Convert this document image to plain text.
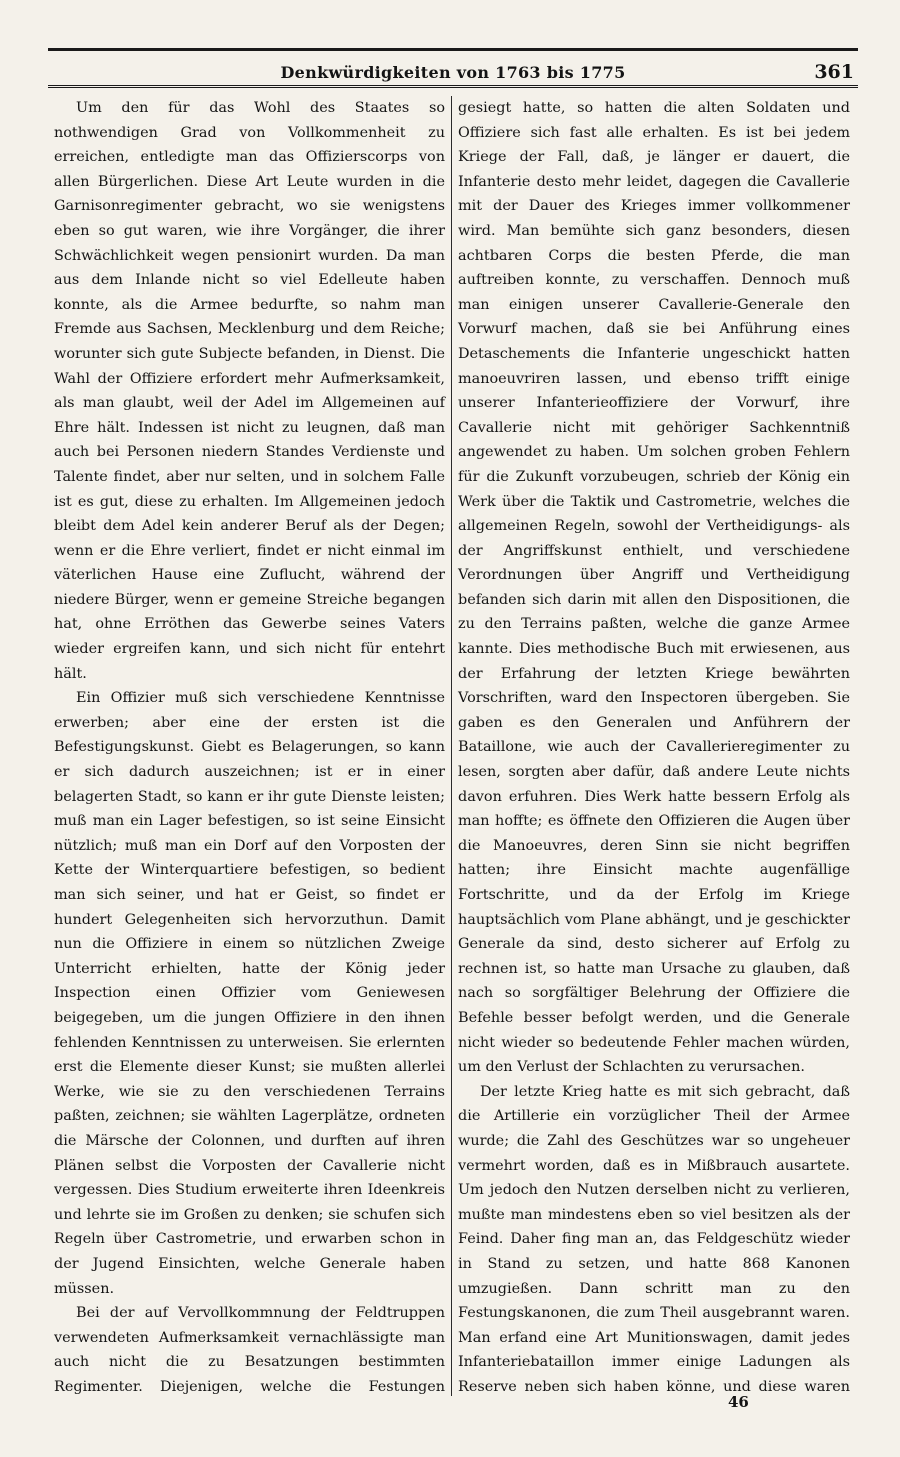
Denkwürdigkeiten von 1763 bis 1775	361

Um den für das Wohl des Staates so nothwendigen Grad von Vollkommenheit zu erreichen, entledigte man das Offizierscorps von allen Bürgerlichen. Diese Art Leute wurden in die Garnisonregimenter gebracht, wo sie wenigstens eben so gut waren, wie ihre Vorgänger, die ihrer Schwächlichkeit wegen pensionirt wurden. Da man aus dem Inlande nicht so viel Edelleute haben konnte, als die Armee bedurfte, so nahm man Fremde aus Sachsen, Mecklenburg und dem Reiche; worunter sich gute Subjecte befanden, in Dienst. Die Wahl der Offiziere erfordert mehr Aufmerksamkeit, als man glaubt, weil der Adel im Allgemeinen auf Ehre hält. Indessen ist nicht zu leugnen, daß man auch bei Personen niedern Standes Verdienste und Talente findet, aber nur selten, und in solchem Falle ist es gut, diese zu erhalten. Im Allgemeinen jedoch bleibt dem Adel kein anderer Beruf als der Degen; wenn er die Ehre verliert, findet er nicht einmal im väterlichen Hause eine Zuflucht, während der niedere Bürger, wenn er gemeine Streiche begangen hat, ohne Erröthen das Gewerbe seines Vaters wieder ergreifen kann, und sich nicht für entehrt hält.

Ein Offizier muß sich verschiedene Kenntnisse erwerben; aber eine der ersten ist die Befestigungskunst. Giebt es Belagerungen, so kann er sich dadurch auszeichnen; ist er in einer belagerten Stadt, so kann er ihr gute Dienste leisten; muß man ein Lager befestigen, so ist seine Einsicht nützlich; muß man ein Dorf auf den Vorposten der Kette der Winterquartiere befestigen, so bedient man sich seiner, und hat er Geist, so findet er hundert Gelegenheiten sich hervorzuthun. Damit nun die Offiziere in einem so nützlichen Zweige Unterricht erhielten, hatte der König jeder Inspection einen Offizier vom Geniewesen beigegeben, um die jungen Offiziere in den ihnen fehlenden Kenntnissen zu unterweisen. Sie erlernten erst die Elemente dieser Kunst; sie mußten allerlei Werke, wie sie zu den verschiedenen Terrains paßten, zeichnen; sie wählten Lagerplätze, ordneten die Märsche der Colonnen, und durften auf ihren Plänen selbst die Vorposten der Cavallerie nicht vergessen. Dies Studium erweiterte ihren Ideenkreis und lehrte sie im Großen zu denken; sie schufen sich Regeln über Castrometrie, und erwarben schon in der Jugend Einsichten, welche Generale haben müssen.

Bei der auf Vervollkommnung der Feldtruppen verwendeten Aufmerksamkeit vernachlässigte man auch nicht die zu Besatzungen bestimmten Regimenter. Diejenigen, welche die Festungen

gesiegt hatte, so hatten die alten Soldaten und Offiziere sich fast alle erhalten. Es ist bei jedem Kriege der Fall, daß, je länger er dauert, die Infanterie desto mehr leidet, dagegen die Cavallerie mit der Dauer des Krieges immer vollkommener wird. Man bemühte sich ganz besonders, diesen achtbaren Corps die besten Pferde, die man auftreiben konnte, zu verschaffen. Dennoch muß man einigen unserer Cavallerie-Generale den Vorwurf machen, daß sie bei Anführung eines Detaschements die Infanterie ungeschickt hatten manoeuvriren lassen, und ebenso trifft einige unserer Infanterieoffiziere der Vorwurf, ihre Cavallerie nicht mit gehöriger Sachkenntniß angewendet zu haben. Um solchen groben Fehlern für die Zukunft vorzubeugen, schrieb der König ein Werk über die Taktik und Castrometrie, welches die allgemeinen Regeln, sowohl der Vertheidigungs- als der Angriffskunst enthielt, und verschiedene Verordnungen über Angriff und Vertheidigung befanden sich darin mit allen den Dispositionen, die zu den Terrains paßten, welche die ganze Armee kannte. Dies methodische Buch mit erwiesenen, aus der Erfahrung der letzten Kriege bewährten Vorschriften, ward den Inspectoren übergeben. Sie gaben es den Generalen und Anführern der Bataillone, wie auch der Cavallerieregimenter zu lesen, sorgten aber dafür, daß andere Leute nichts davon erfuhren. Dies Werk hatte bessern Erfolg als man hoffte; es öffnete den Offizieren die Augen über die Manoeuvres, deren Sinn sie nicht begriffen hatten; ihre Einsicht machte augenfällige Fortschritte, und da der Erfolg im Kriege hauptsächlich vom Plane abhängt, und je geschickter Generale da sind, desto sicherer auf Erfolg zu rechnen ist, so hatte man Ursache zu glauben, daß nach so sorgfältiger Belehrung der Offiziere die Befehle besser befolgt werden, und die Generale nicht wieder so bedeutende Fehler machen würden, um den Verlust der Schlachten zu verursachen.

Der letzte Krieg hatte es mit sich gebracht, daß die Artillerie ein vorzüglicher Theil der Armee wurde; die Zahl des Geschützes war so ungeheuer vermehrt worden, daß es in Mißbrauch ausartete. Um jedoch den Nutzen derselben nicht zu verlieren, mußte man mindestens eben so viel besitzen als der Feind. Daher fing man an, das Feldgeschütz wieder in Stand zu setzen, und hatte 868 Kanonen umzugießen. Dann schritt man zu den Festungskanonen, die zum Theil ausgebrannt waren. Man erfand eine Art Munitionswagen, damit jedes Infanteriebataillon immer einige Ladungen als Reserve neben sich haben könne, und diese waren

46
